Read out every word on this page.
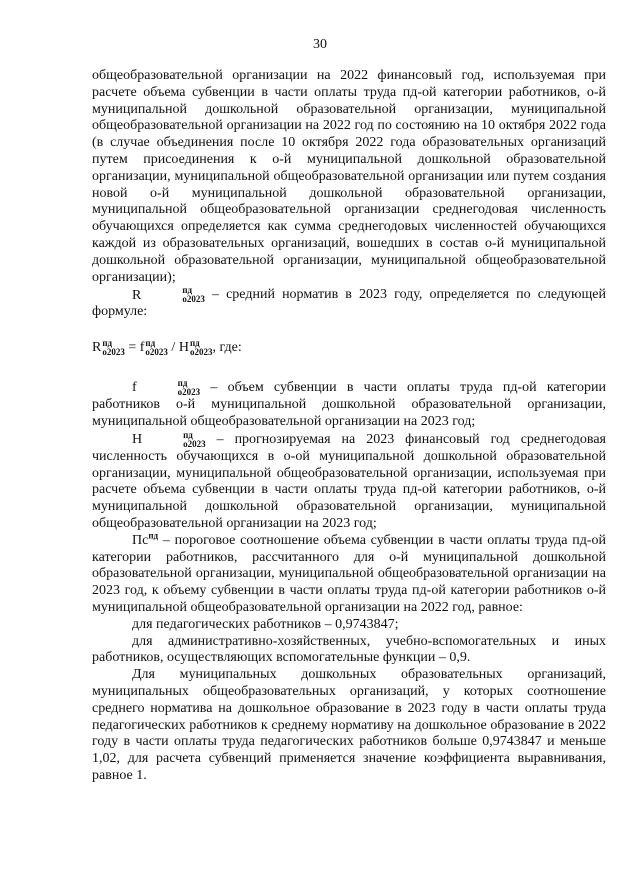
30

общеобразовательной организации на 2022 финансовый год, используемая при расчете объема субвенции в части оплаты труда пд-ой категории работников, о-й муниципальной дошкольной образовательной организации, муниципальной общеобразовательной организации на 2022 год по состоянию на 10 октября 2022 года (в случае объединения после 10 октября 2022 года образовательных организаций путем присоединения к о-й муниципальной дошкольной образовательной организации, муниципальной общеобразовательной организации или путем создания новой о-й муниципальной дошкольной образовательной организации, муниципальной общеобразовательной организации среднегодовая численность обучающихся определяется как сумма среднегодовых численностей обучающихся каждой из образовательных организаций, вошедших в состав о-й муниципальной дошкольной образовательной организации, муниципальной общеобразовательной организации);

R	пд
о2023 – средний норматив в 2023 году, определяется по следующей формуле:

R пд
о2023 = f пд
о2023 / Н пд
о2023 , где:

f	пд
о2023 – объем субвенции в части оплаты труда пд-ой категории работников о-й муниципальной дошкольной образовательной организации, муниципальной общеобразовательной организации на 2023 год;

Н	пд
о2023 – прогнозируемая на 2023 финансовый год среднегодовая численность обучающихся в о-ой муниципальной дошкольной образовательной организации, муниципальной общеобразовательной организации, используемая при расчете объема субвенции в части оплаты труда пд-ой категории работников, о-й муниципальной дошкольной образовательной организации, муниципальной общеобразовательной организации на 2023 год;

$Пс^{пд}$ – пороговое соотношение объема субвенции в части оплаты труда пд-ой категории работников, рассчитанного для о-й муниципальной дошкольной образовательной организации, муниципальной общеобразовательной организации на 2023 год, к объему субвенции в части оплаты труда пд-ой категории работников о-й муниципальной общеобразовательной организации на 2022 год, равное:

для педагогических работников – 0,9743847;

для административно-хозяйственных, учебно-вспомогательных и иных работников, осуществляющих вспомогательные функции – 0,9.

Для муниципальных дошкольных образовательных организаций, муниципальных общеобразовательных организаций, у которых соотношение среднего норматива на дошкольное образование в 2023 году в части оплаты труда педагогических работников к среднему нормативу на дошкольное образование в 2022 году в части оплаты труда педагогических работников больше 0,9743847 и меньше 1,02, для расчета субвенций применяется значение коэффициента выравнивания, равное 1.
